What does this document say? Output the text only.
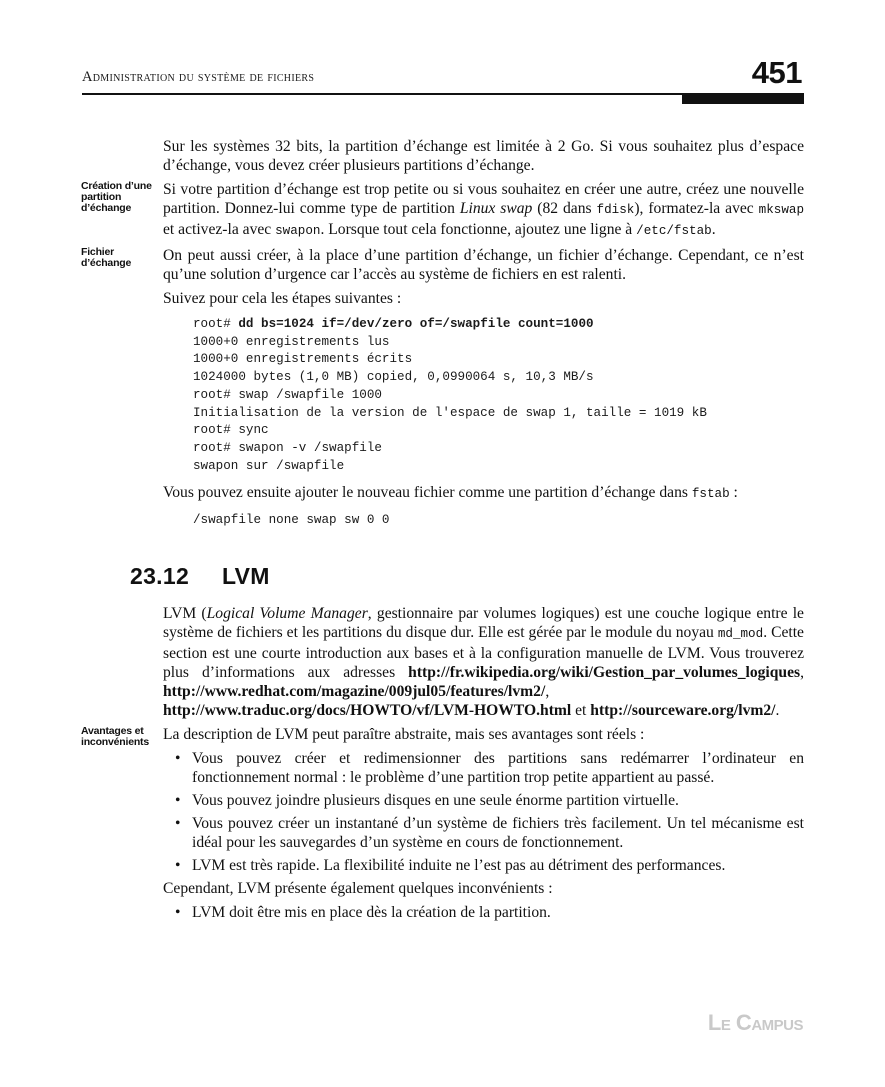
Administration du système de fichiers	451

Sur les systèmes 32 bits, la partition d’échange est limitée à 2 Go. Si vous souhaitez plus d’espace d’échange, vous devez créer plusieurs partitions d’échange.

Création d’une partition d’échange

Si votre partition d’échange est trop petite ou si vous souhaitez en créer une autre, créez une nouvelle partition. Donnez-lui comme type de partition Linux swap (82 dans fdisk), formatez-la avec mkswap et activez-la avec swapon. Lorsque tout cela fonctionne, ajoutez une ligne à /etc/fstab.

Fichier d’échange	On peut aussi créer, à la place d’une partition d’échange, un fichier d’échange. Cependant, ce n’est qu’une solution d’urgence car l’accès au système de fichiers en est ralenti.

Suivez pour cela les étapes suivantes :

root# dd bs=1024 if=/dev/zero of=/swapfile count=1000
1000+0 enregistrements lus
1000+0 enregistrements écrits
1024000 bytes (1,0 MB) copied, 0,0990064 s, 10,3 MB/s
root# swap /swapfile 1000
Initialisation de la version de l'espace de swap 1, taille = 1019 kB
root# sync
root# swapon -v /swapfile
swapon sur /swapfile

Vous pouvez ensuite ajouter le nouveau fichier comme une partition d’échange dans fstab :

/swapfile none swap sw 0 0
23.12 LVM

LVM (Logical Volume Manager, gestionnaire par volumes logiques) est une couche logique entre le système de fichiers et les partitions du disque dur. Elle est gérée par le module du noyau md_mod. Cette section est une courte introduction aux bases et à la configuration manuelle de LVM. Vous trouverez plus d’informations aux adresses http://fr.wikipedia.org/wiki/Gestion_par_volumes_logiques, http://www.redhat.com/magazine/009jul05/features/lvm2/, http://www.traduc.org/docs/HOWTO/vf/LVM-HOWTO.html et http://sourceware.org/lvm2/.

Avantages et inconvénients La description de LVM peut paraître abstraite, mais ses avantages sont réels :

• Vous pouvez créer et redimensionner des partitions sans redémarrer l’ordinateur en fonctionnement normal : le problème d’une partition trop petite appartient au passé.
• Vous pouvez joindre plusieurs disques en une seule énorme partition virtuelle.
• Vous pouvez créer un instantané d’un système de fichiers très facilement. Un tel mécanisme est idéal pour les sauvegardes d’un système en cours de fonctionnement.
• LVM est très rapide. La flexibilité induite ne l’est pas au détriment des performances.

Cependant, LVM présente également quelques inconvénients :

• LVM doit être mis en place dès la création de la partition.
Le Campus
